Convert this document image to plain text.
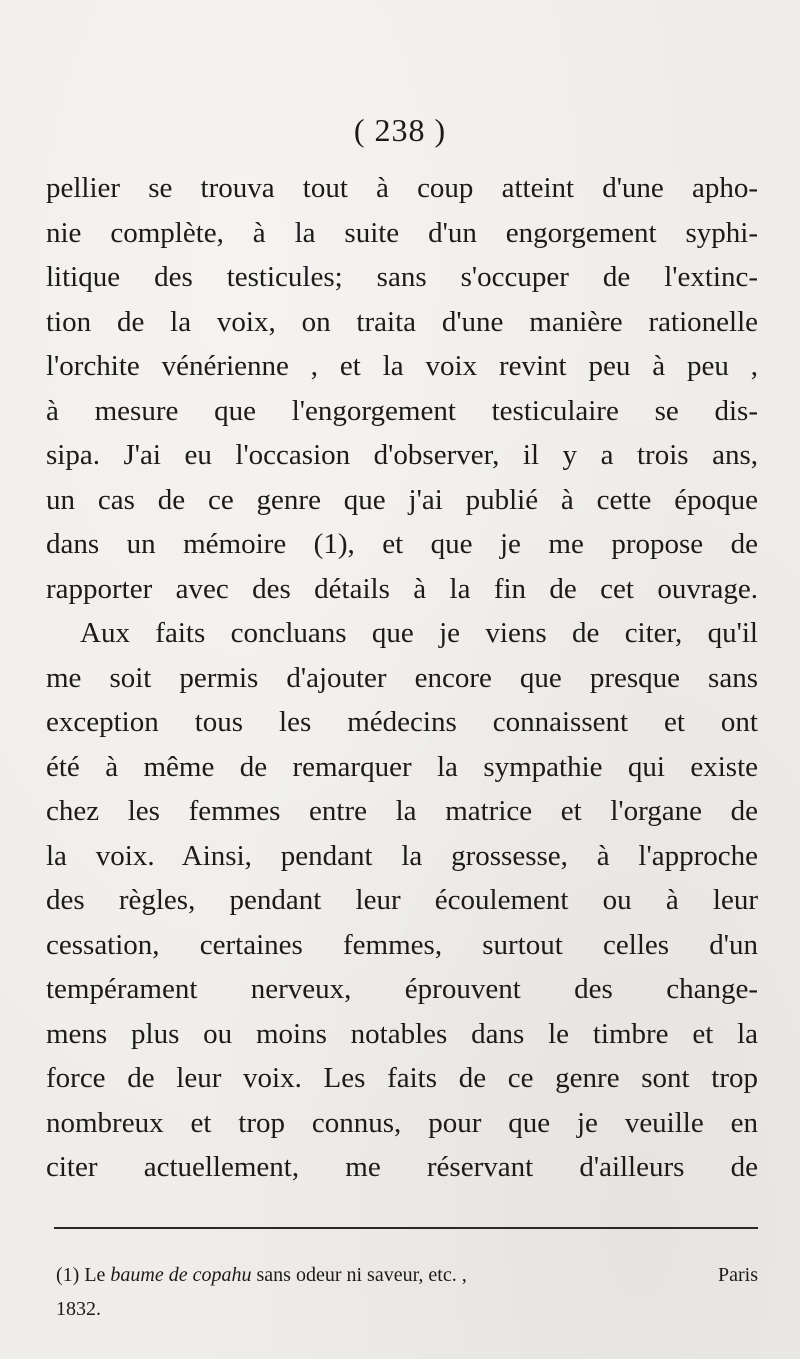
( 238 )
pellier se trouva tout à coup atteint d'une apho-
nie complète, à la suite d'un engorgement syphi-
litique des testicules; sans s'occuper de l'extinc-
tion de la voix, on traita d'une manière rationelle
l'orchite vénérienne , et la voix revint peu à peu ,
à mesure que l'engorgement testiculaire se dis-
sipa. J'ai eu l'occasion d'observer, il y a trois ans,
un cas de ce genre que j'ai publié à cette époque
dans un mémoire (1), et que je me propose de
rapporter avec des détails à la fin de cet ouvrage.
Aux faits concluans que je viens de citer, qu'il
me soit permis d'ajouter encore que presque sans
exception tous les médecins connaissent et ont
été à même de remarquer la sympathie qui existe
chez les femmes entre la matrice et l'organe de
la voix. Ainsi, pendant la grossesse, à l'approche
des règles, pendant leur écoulement ou à leur
cessation, certaines femmes, surtout celles d'un
tempérament nerveux, éprouvent des change-
mens plus ou moins notables dans le timbre et la
force de leur voix. Les faits de ce genre sont trop
nombreux et trop connus, pour que je veuille en
citer actuellement, me réservant d'ailleurs de
(1) Le baume de copahu sans odeur ni saveur, etc. ,	Paris
1832.
